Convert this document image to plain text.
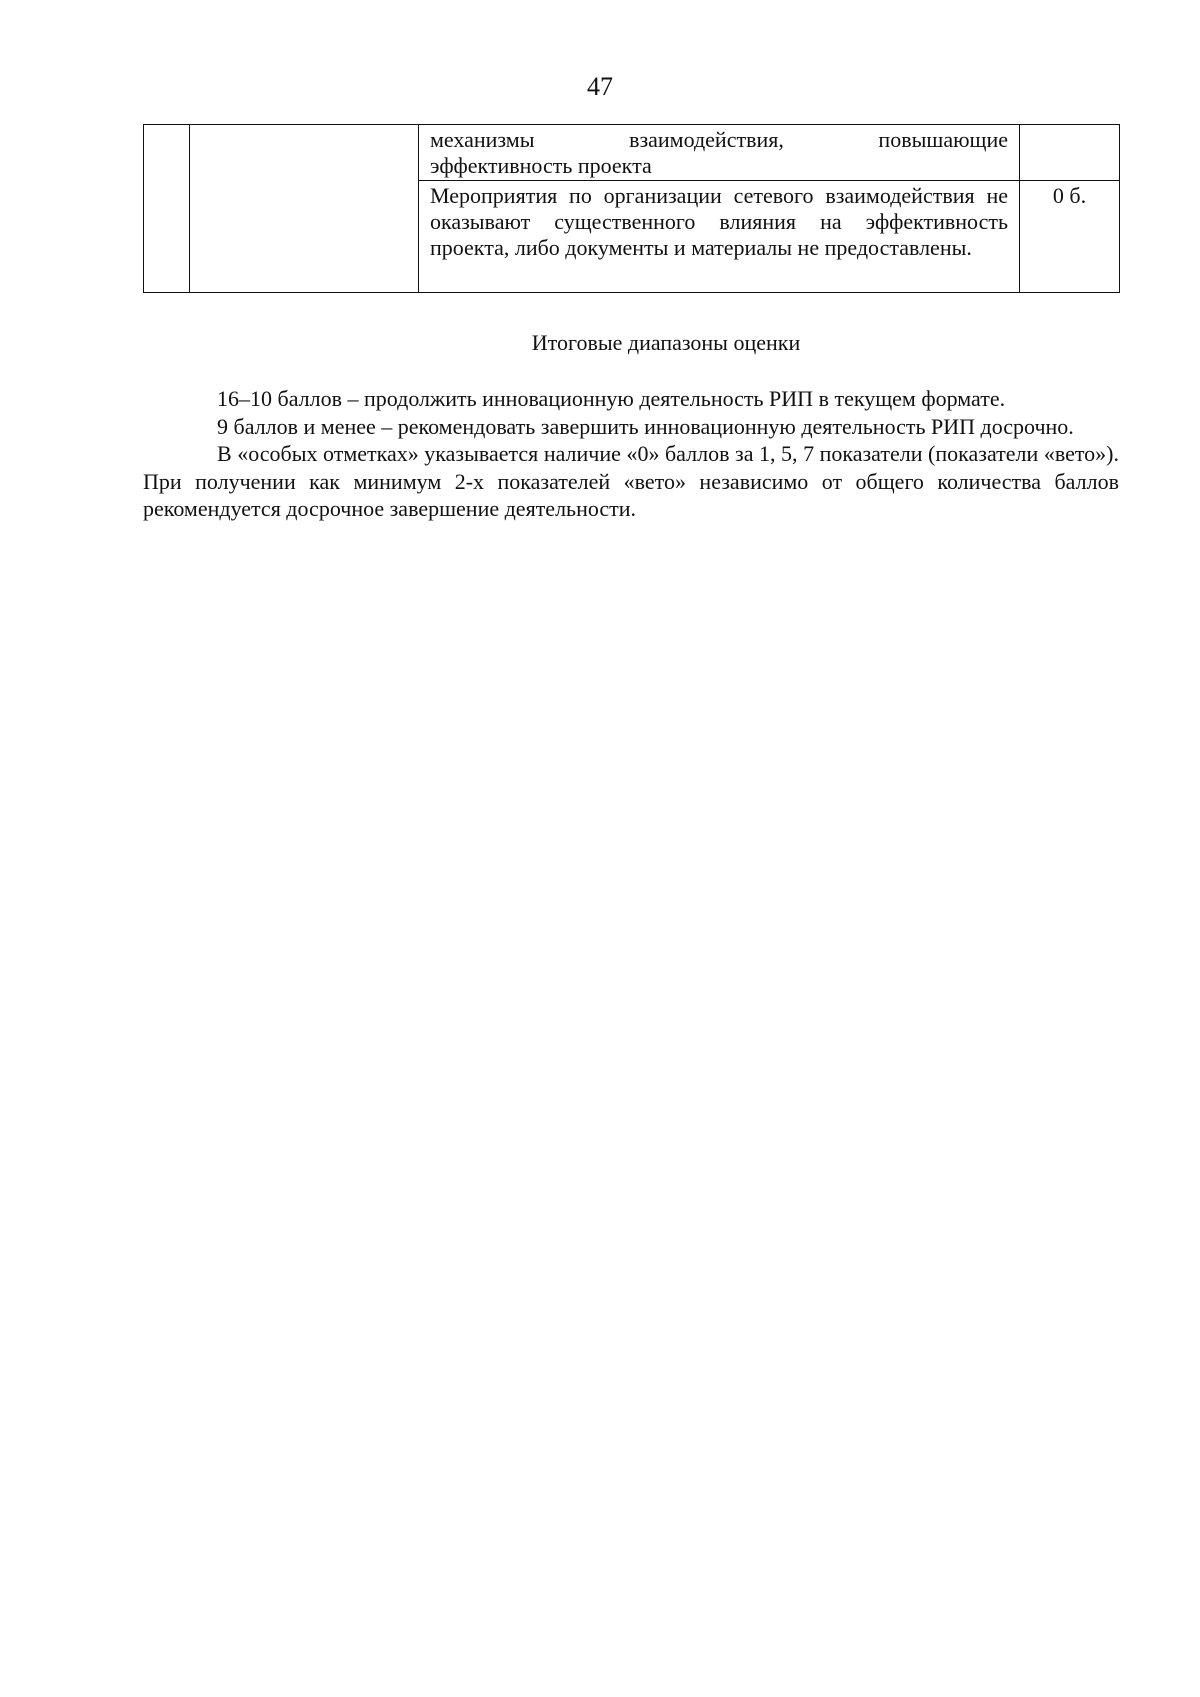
47

		механизмы взаимодействия, повышающие
эффективность проекта	
		Мероприятия по организации сетевого взаимодействия не оказывают существенного влияния на эффективность проекта, либо документы и материалы не предоставлены.	0 б.
Итоговые диапазоны оценки

16–10 баллов – продолжить инновационную деятельность РИП в текущем формате.

9 баллов и менее – рекомендовать завершить инновационную деятельность РИП досрочно.

В «особых отметках» указывается наличие «0» баллов за 1, 5, 7 показатели (показатели «вето»). При получении как минимум 2-х показателей «вето» независимо от общего количества баллов рекомендуется досрочное завершение деятельности.
